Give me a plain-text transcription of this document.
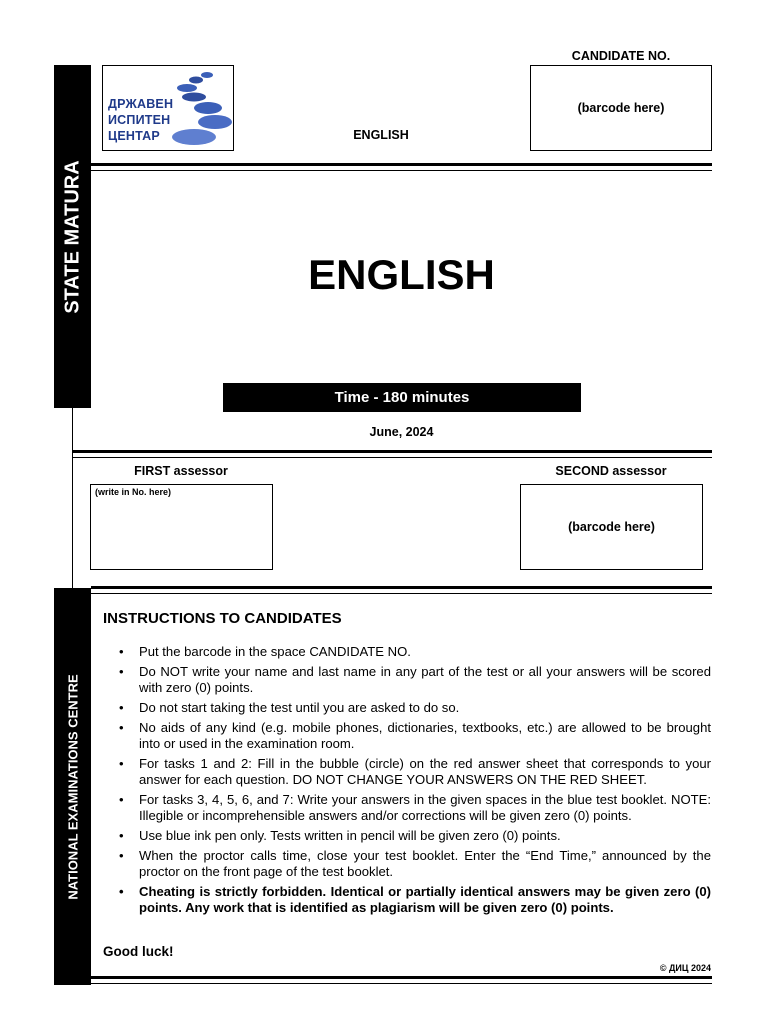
STATE MATURA
NATIONAL EXAMINATIONS CENTRE
ДРЖАВЕН
ИСПИТЕН
ЦЕНТАР	ENGLISH
CANDIDATE NO.
(barcode here)
ENGLISH
Time - 180 minutes
June, 2024
FIRST assessor
(write in No. here)
SECOND assessor
(barcode here)
INSTRUCTIONS TO CANDIDATES
• Put the barcode in the space CANDIDATE NO.
• Do NOT write your name and last name in any part of the test or all your answers will be scored with zero (0) points.
• Do not start taking the test until you are asked to do so.
• No aids of any kind (e.g. mobile phones, dictionaries, textbooks, etc.) are allowed to be brought into or used in the examination room.
• For tasks 1 and 2: Fill in the bubble (circle) on the red answer sheet that corresponds to your answer for each question. DO NOT CHANGE YOUR ANSWERS ON THE RED SHEET.
• For tasks 3, 4, 5, 6, and 7: Write your answers in the given spaces in the blue test booklet. NOTE: Illegible or incomprehensible answers and/or corrections will be given zero (0) points.
• Use blue ink pen only. Tests written in pencil will be given zero (0) points.
• When the proctor calls time, close your test booklet. Enter the “End Time,” announced by the proctor on the front page of the test booklet.
• Cheating is strictly forbidden. Identical or partially identical answers may be given zero (0) points. Any work that is identified as plagiarism will be given zero (0) points.
Good luck!
© ДИЦ 2024
